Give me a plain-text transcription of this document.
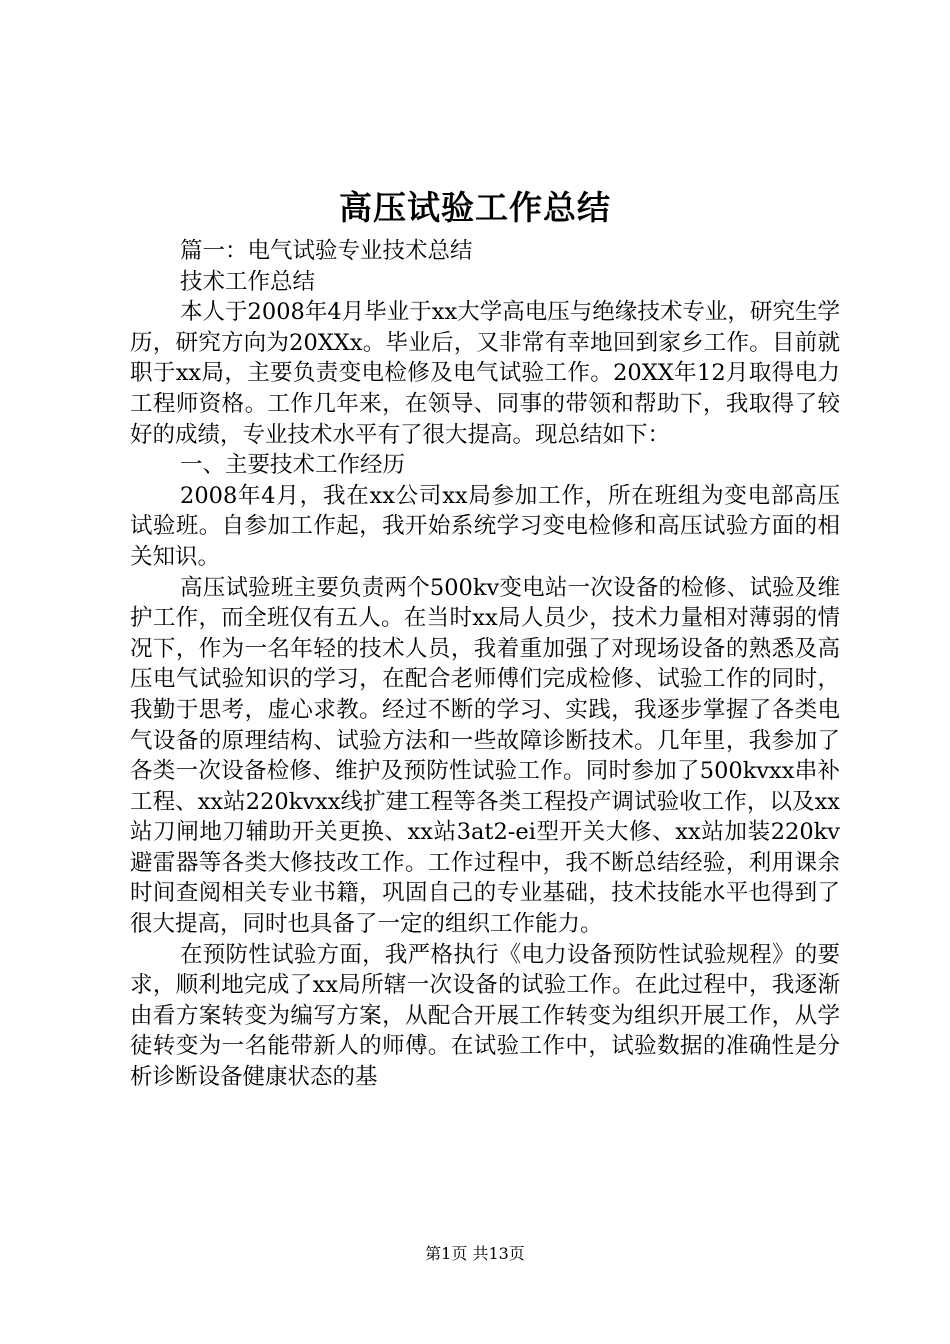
高压试验工作总结

篇一：电气试验专业技术总结

技术工作总结

本人于2008年4月毕业于xx大学高电压与绝缘技术专业，研究生学历，研究方向为20XXx。毕业后，又非常有幸地回到家乡工作。目前就职于xx局，主要负责变电检修及电气试验工作。20XX年12月取得电力工程师资格。工作几年来，在领导、同事的带领和帮助下，我取得了较好的成绩，专业技术水平有了很大提高。现总结如下：

一、主要技术工作经历

2008年4月，我在xx公司xx局参加工作，所在班组为变电部高压试验班。自参加工作起，我开始系统学习变电检修和高压试验方面的相关知识。

高压试验班主要负责两个500kv变电站一次设备的检修、试验及维护工作，而全班仅有五人。在当时xx局人员少，技术力量相对薄弱的情况下，作为一名年轻的技术人员，我着重加强了对现场设备的熟悉及高压电气试验知识的学习，在配合老师傅们完成检修、试验工作的同时，我勤于思考，虚心求教。经过不断的学习、实践，我逐步掌握了各类电气设备的原理结构、试验方法和一些故障诊断技术。几年里，我参加了各类一次设备检修、维护及预防性试验工作。同时参加了500kvxx串补工程、xx站220kvxx线扩建工程等各类工程投产调试验收工作，以及xx站刀闸地刀辅助开关更换、xx站3at2-ei型开关大修、xx站加装220kv避雷器等各类大修技改工作。工作过程中，我不断总结经验，利用课余时间查阅相关专业书籍，巩固自己的专业基础，技术技能水平也得到了很大提高，同时也具备了一定的组织工作能力。

在预防性试验方面，我严格执行《电力设备预防性试验规程》的要求，顺利地完成了xx局所辖一次设备的试验工作。在此过程中，我逐渐由看方案转变为编写方案，从配合开展工作转变为组织开展工作，从学徒转变为一名能带新人的师傅。在试验工作中，试验数据的准确性是分析诊断设备健康状态的基

第1页 共13页
